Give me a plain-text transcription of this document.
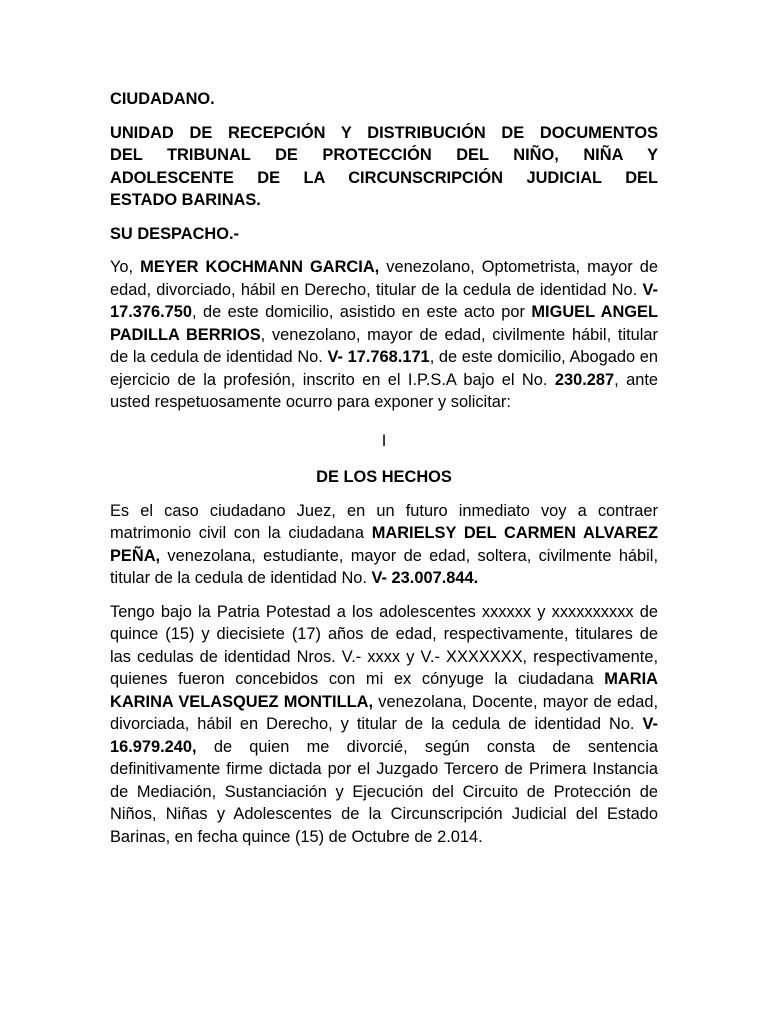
CIUDADANO.

UNIDAD DE RECEPCIÓN Y DISTRIBUCIÓN DE DOCUMENTOS
DEL TRIBUNAL DE PROTECCIÓN DEL NIÑO, NIÑA Y
ADOLESCENTE DE LA CIRCUNSCRIPCIÓN JUDICIAL DEL
ESTADO BARINAS.

SU DESPACHO.-

Yo, MEYER KOCHMANN GARCIA, venezolano, Optometrista, mayor de edad, divorciado, hábil en Derecho, titular de la cedula de identidad No. V- 17.376.750, de este domicilio, asistido en este acto por MIGUEL ANGEL PADILLA BERRIOS, venezolano, mayor de edad, civilmente hábil, titular de la cedula de identidad No. V- 17.768.171, de este domicilio, Abogado en ejercicio de la profesión, inscrito en el I.P.S.A bajo el No. 230.287, ante usted respetuosamente ocurro para exponer y solicitar:

I

DE LOS HECHOS

Es el caso ciudadano Juez, en un futuro inmediato voy a contraer matrimonio civil con la ciudadana MARIELSY DEL CARMEN ALVAREZ PEÑA, venezolana, estudiante, mayor de edad, soltera, civilmente hábil, titular de la cedula de identidad No. V- 23.007.844.

Tengo bajo la Patria Potestad a los adolescentes xxxxxx y xxxxxxxxxx de quince (15) y diecisiete (17) años de edad, respectivamente, titulares de las cedulas de identidad Nros. V.- xxxx y V.- XXXXXXX, respectivamente, quienes fueron concebidos con mi ex cónyuge la ciudadana MARIA KARINA VELASQUEZ MONTILLA, venezolana, Docente, mayor de edad, divorciada, hábil en Derecho, y titular de la cedula de identidad No. V- 16.979.240, de quien me divorcié, según consta de sentencia definitivamente firme dictada por el Juzgado Tercero de Primera Instancia de Mediación, Sustanciación y Ejecución del Circuito de Protección de Niños, Niñas y Adolescentes de la Circunscripción Judicial del Estado Barinas, en fecha quince (15) de Octubre de 2.014.
